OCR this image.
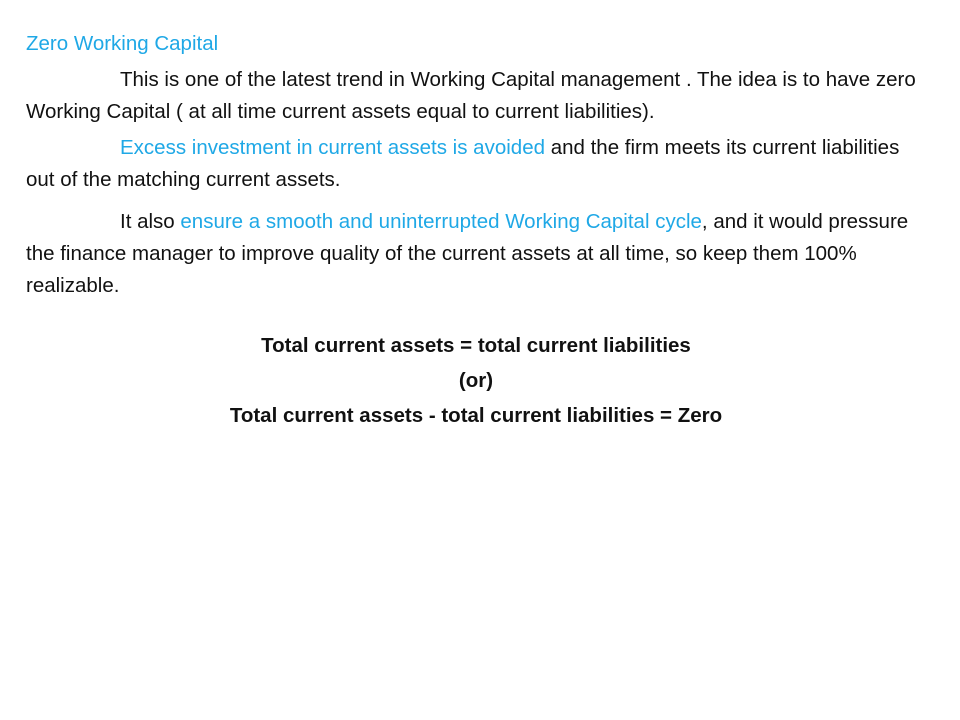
Zero Working Capital
This is one of the latest trend in Working Capital management . The idea is to have zero Working Capital ( at all time current assets equal to current liabilities).
Excess investment in current assets is avoided and the firm meets its current liabilities out of the matching current assets.
It also ensure a smooth and uninterrupted Working Capital cycle, and it would pressure the finance manager to improve quality of the current assets at all time, so keep them 100% realizable.
Total current assets = total current liabilities
(or)
Total current assets - total current liabilities = Zero
